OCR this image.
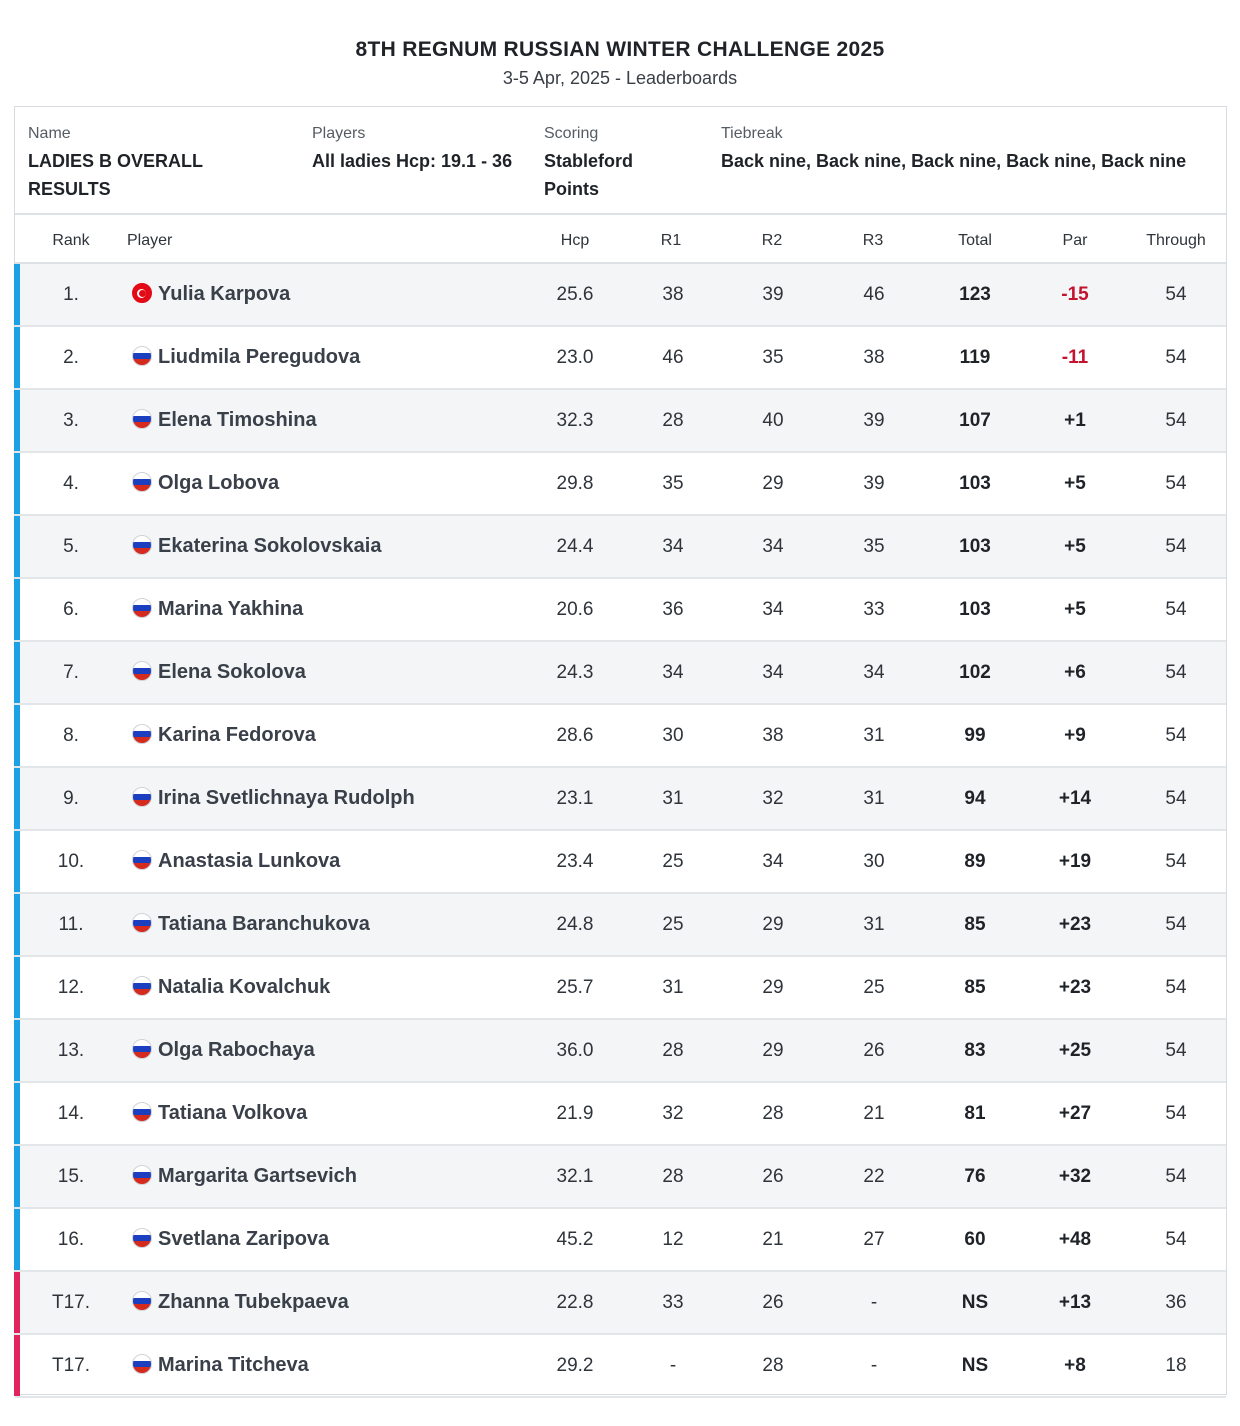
8TH REGNUM RUSSIAN WINTER CHALLENGE 2025
3-5 Apr, 2025 - Leaderboards
Name
LADIES B OVERALL RESULTS
Players
All ladies Hcp: 19.1 - 36
Scoring
Stableford Points
Tiebreak
Back nine, Back nine, Back nine, Back nine, Back nine
Rank	Player	Hcp	R1	R2	R3	Total	Par	Through
1.	Yulia Karpova	25.6	38	39	46	123	-15	54
2.	Liudmila Peregudova	23.0	46	35	38	119	-11	54
3.	Elena Timoshina	32.3	28	40	39	107	+1	54
4.	Olga Lobova	29.8	35	29	39	103	+5	54
5.	Ekaterina Sokolovskaia	24.4	34	34	35	103	+5	54
6.	Marina Yakhina	20.6	36	34	33	103	+5	54
7.	Elena Sokolova	24.3	34	34	34	102	+6	54
8.	Karina Fedorova	28.6	30	38	31	99	+9	54
9.	Irina Svetlichnaya Rudolph	23.1	31	32	31	94	+14	54
10.	Anastasia Lunkova	23.4	25	34	30	89	+19	54
11.	Tatiana Baranchukova	24.8	25	29	31	85	+23	54
12.	Natalia Kovalchuk	25.7	31	29	25	85	+23	54
13.	Olga Rabochaya	36.0	28	29	26	83	+25	54
14.	Tatiana Volkova	21.9	32	28	21	81	+27	54
15.	Margarita Gartsevich	32.1	28	26	22	76	+32	54
16.	Svetlana Zaripova	45.2	12	21	27	60	+48	54
T17.	Zhanna Tubekpaeva	22.8	33	26	-	NS	+13	36
T17.	Marina Titcheva	29.2	-	28	-	NS	+8	18
